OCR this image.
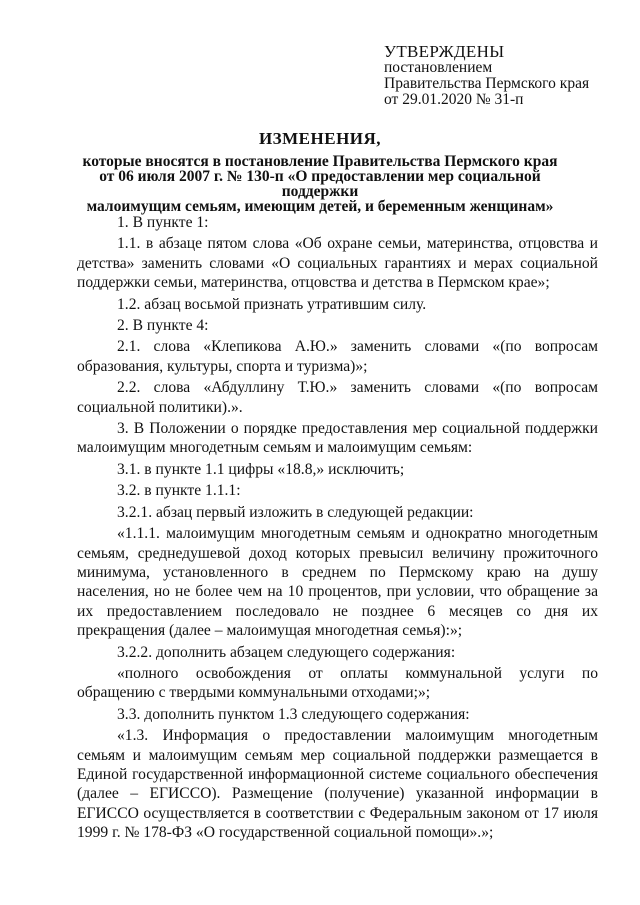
УТВЕРЖДЕНЫ
постановлением
Правительства Пермского края
от 29.01.2020 № 31-п
ИЗМЕНЕНИЯ,
которые вносятся в постановление Правительства Пермского края
от 06 июля 2007 г. № 130-п «О предоставлении мер социальной поддержки
малоимущим семьям, имеющим детей, и беременным женщинам»

1. В пункте 1:

1.1. в абзаце пятом слова «Об охране семьи, материнства, отцовства и детства» заменить словами «О социальных гарантиях и мерах социальной поддержки семьи, материнства, отцовства и детства в Пермском крае»;

1.2. абзац восьмой признать утратившим силу.

2. В пункте 4:

2.1. слова «Клепикова А.Ю.» заменить словами «(по вопросам образования, культуры, спорта и туризма)»;

2.2. слова «Абдуллину Т.Ю.» заменить словами «(по вопросам социальной политики).».

3. В Положении о порядке предоставления мер социальной поддержки малоимущим многодетным семьям и малоимущим семьям:

3.1. в пункте 1.1 цифры «18.8,» исключить;

3.2. в пункте 1.1.1:

3.2.1. абзац первый изложить в следующей редакции:

«1.1.1. малоимущим многодетным семьям и однократно многодетным семьям, среднедушевой доход которых превысил величину прожиточного минимума, установленного в среднем по Пермскому краю на душу населения, но не более чем на 10 процентов, при условии, что обращение за их предоставлением последовало не позднее 6 месяцев со дня их прекращения (далее – малоимущая многодетная семья):»;

3.2.2. дополнить абзацем следующего содержания:

«полного освобождения от оплаты коммунальной услуги по обращению с твердыми коммунальными отходами;»;

3.3. дополнить пунктом 1.3 следующего содержания:

«1.3. Информация о предоставлении малоимущим многодетным семьям и малоимущим семьям мер социальной поддержки размещается в Единой государственной информационной системе социального обеспечения (далее – ЕГИССО). Размещение (получение) указанной информации в ЕГИССО осуществляется в соответствии с Федеральным законом от 17 июля 1999 г. № 178-ФЗ «О государственной социальной помощи».»;
